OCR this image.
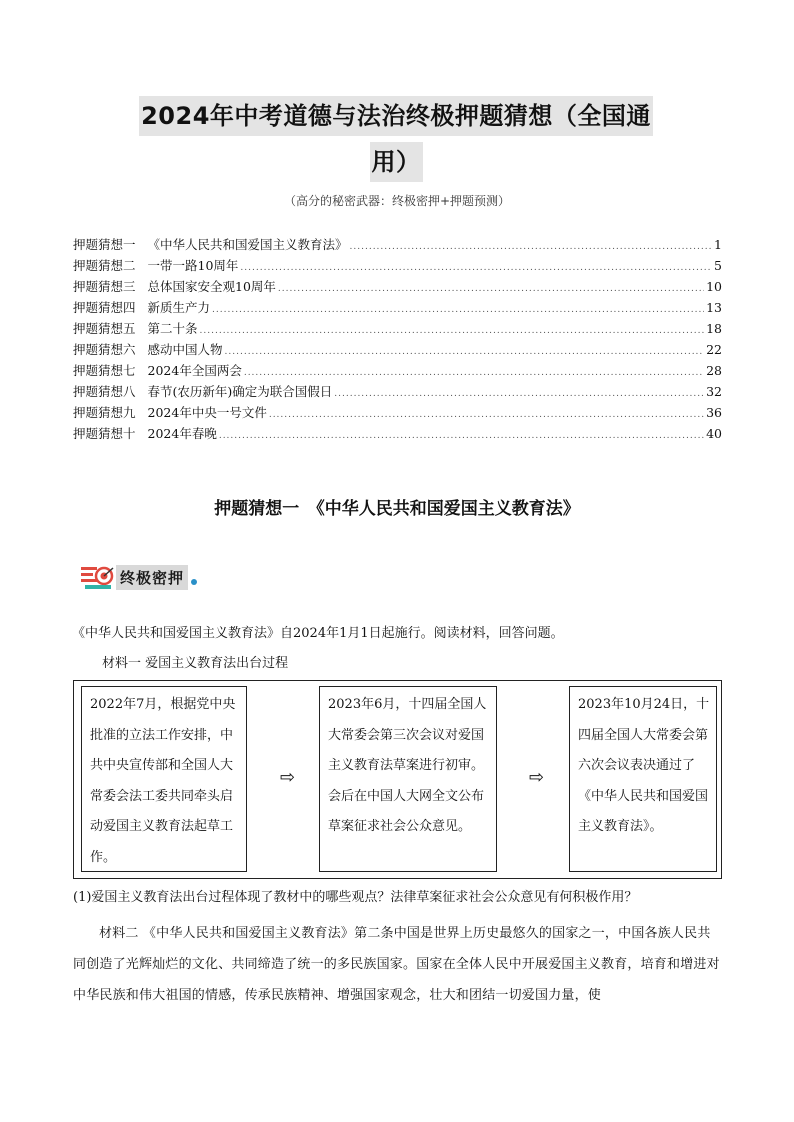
2024年中考道德与法治终极押题猜想（全国通
用）
（高分的秘密武器：终极密押+押题预测）
押题猜想一 《中华人民共和国爱国主义教育法》 .....	1
押题猜想二 一带一路10周年 .....	5
押题猜想三 总体国家安全观10周年 .....	10
押题猜想四 新质生产力 .....	13
押题猜想五 第二十条 .....	18
押题猜想六 感动中国人物 .....	22
押题猜想七 2024年全国两会 .....	28
押题猜想八 春节(农历新年)确定为联合国假日 .....	32
押题猜想九 2024年中央一号文件 .....	36
押题猜想十 2024年春晚 .....	40
押题猜想一　《中华人民共和国爱国主义教育法》
终极密押
《中华人民共和国爱国主义教育法》自2024年1月1日起施行。阅读材料，回答问题。
材料一 爱国主义教育法出台过程
2022年7月，根据党中央批准的立法工作安排，中共中央宣传部和全国人大常委会法工委共同牵头启动爱国主义教育法起草工作。
⇨
2023年6月，十四届全国人大常委会第三次会议对爱国主义教育法草案进行初审。会后在中国人大网全文公布草案征求社会公众意见。
⇨
2023年10月24日，十四届全国人大常委会第六次会议表决通过了《中华人民共和国爱国主义教育法》。
(1)爱国主义教育法出台过程体现了教材中的哪些观点？法律草案征求社会公众意见有何积极作用？
材料二 《中华人民共和国爱国主义教育法》第二条中国是世界上历史最悠久的国家之一，中国各族人民共同创造了光辉灿烂的文化、共同缔造了统一的多民族国家。国家在全体人民中开展爱国主义教育，培育和增进对中华民族和伟大祖国的情感，传承民族精神、增强国家观念，壮大和团结一切爱国力量，使
